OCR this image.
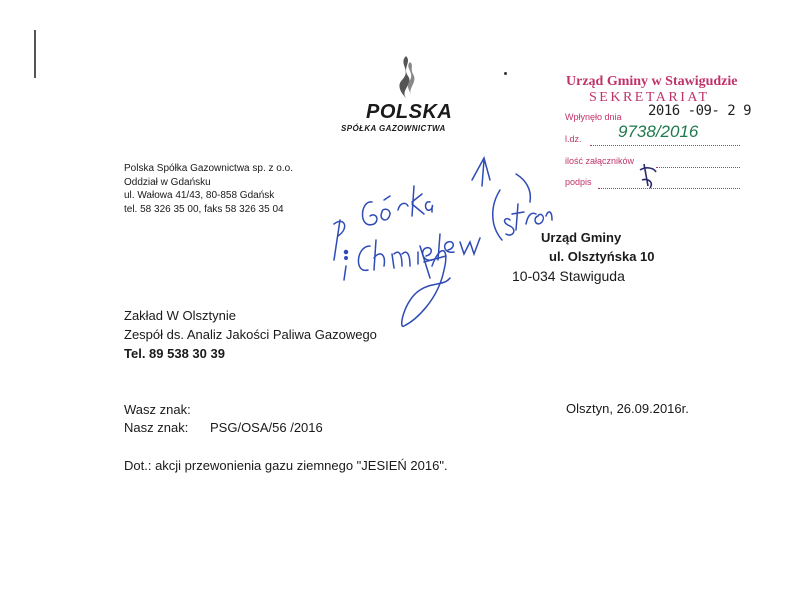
POLSKA
SPÓŁKA GAZOWNICTWA
Polska Spółka Gazownictwa sp. z o.o.
Oddział w Gdańsku
ul. Wałowa 41/43, 80-858 Gdańsk
tel. 58 326 35 00, faks 58 326 35 04
Urząd Gminy w Stawigudzie
SEKRETARIAT
Wpłynęło dnia 2016 -09- 2 9
l.dz. 9738/2016
ilość załączników
podpis
Urząd Gminy
ul. Olsztyńska 10
10-034 Stawiguda
Zakład W Olsztynie
Zespół ds. Analiz Jakości Paliwa Gazowego
Tel. 89 538 30 39
Wasz znak:
Nasz znak: PSG/OSA/56 /2016
Olsztyn, 26.09.2016r.
Dot.: akcji przewonienia gazu ziemnego "JESIEŃ 2016".
